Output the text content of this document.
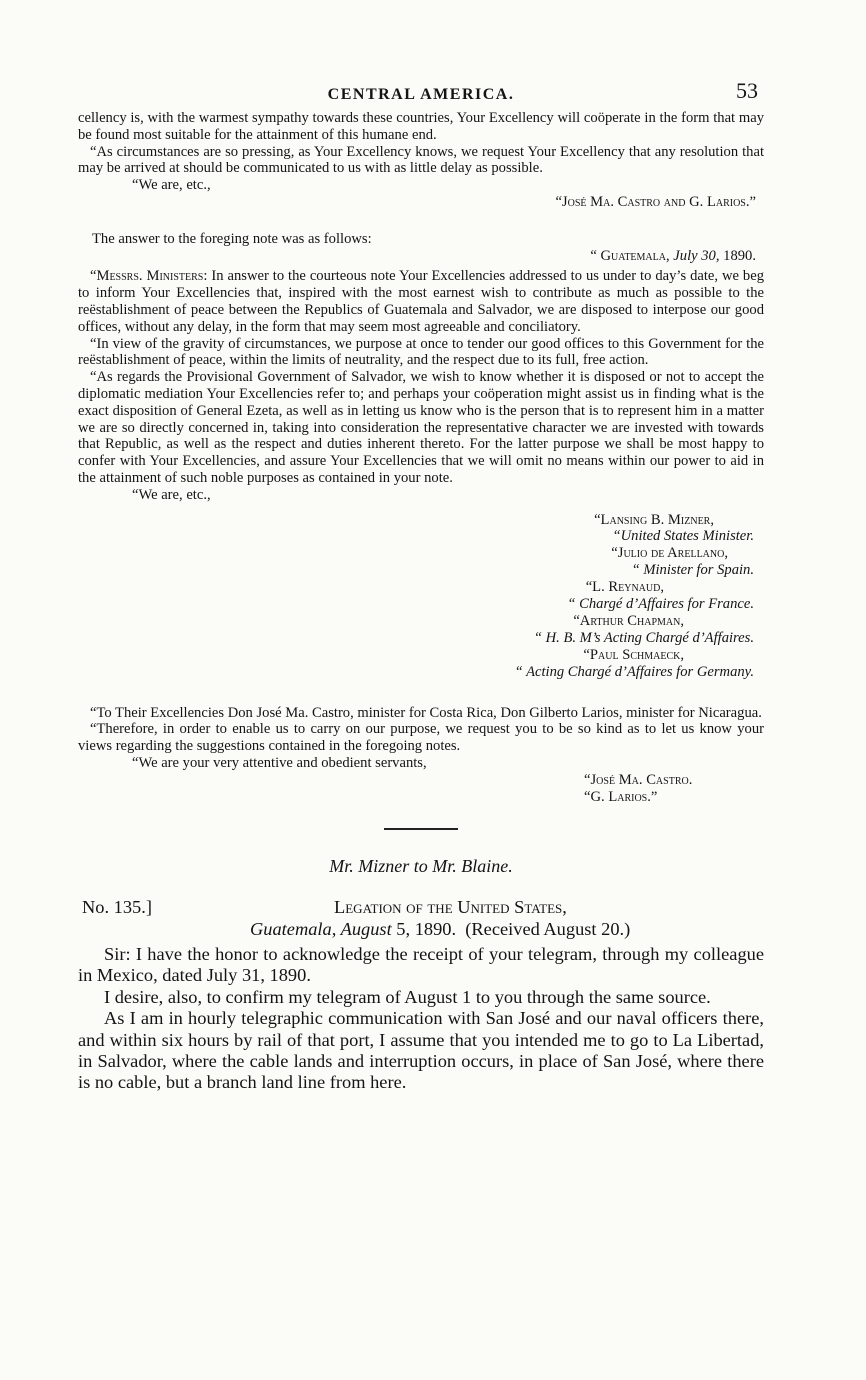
CENTRAL AMERICA.	53

cellency is, with the warmest sympathy towards these countries, Your Excellency will coöperate in the form that may be found most suitable for the attainment of this humane end.

“As circumstances are so pressing, as Your Excellency knows, we request Your Excellency that any resolution that may be arrived at should be communicated to us with as little delay as possible.

“We are, etc.,

“José Ma. Castro and G. Larios.”

The answer to the foreging note was as follows:

“ Guatemala, July 30, 1890.

“Messrs. Ministers: In answer to the courteous note Your Excellencies addressed to us under to day’s date, we beg to inform Your Excellencies that, inspired with the most earnest wish to contribute as much as possible to the reëstablishment of peace between the Republics of Guatemala and Salvador, we are disposed to interpose our good offices, without any delay, in the form that may seem most agreeable and conciliatory.

“In view of the gravity of circumstances, we purpose at once to tender our good offices to this Government for the reëstablishment of peace, within the limits of neutrality, and the respect due to its full, free action.

“As regards the Provisional Government of Salvador, we wish to know whether it is disposed or not to accept the diplomatic mediation Your Excellencies refer to; and perhaps your coöperation might assist us in finding what is the exact disposition of General Ezeta, as well as in letting us know who is the person that is to represent him in a matter we are so directly concerned in, taking into consideration the representative character we are invested with towards that Republic, as well as the respect and duties inherent thereto. For the latter purpose we shall be most happy to confer with Your Excellencies, and assure Your Excellencies that we will omit no means within our power to aid in the attainment of such noble purposes as contained in your note.

“We are, etc.,

“Lansing B. Mizner,
“United States Minister.
“Julio de Arellano,
“ Minister for Spain.
“L. Reynaud,
“ Chargé d’Affaires for France.
“Arthur Chapman,
“ H. B. M’s Acting Chargé d’Affaires.
“Paul Schmaeck,
“ Acting Chargé d’Affaires for Germany.

“To Their Excellencies Don José Ma. Castro, minister for Costa Rica, Don Gilberto Larios, minister for Nicaragua.

“Therefore, in order to enable us to carry on our purpose, we request you to be so kind as to let us know your views regarding the suggestions contained in the foregoing notes.

“We are your very attentive and obedient servants,

“José Ma. Castro.
“G. Larios.”
Mr. Mizner to Mr. Blaine.
No. 135.]	Legation of the United States,
Guatemala, August 5, 1890. (Received August 20.)

Sir: I have the honor to acknowledge the receipt of your telegram, through my colleague in Mexico, dated July 31, 1890.

I desire, also, to confirm my telegram of August 1 to you through the same source.

As I am in hourly telegraphic communication with San José and our naval officers there, and within six hours by rail of that port, I assume that you intended me to go to La Libertad, in Salvador, where the cable lands and interruption occurs, in place of San José, where there is no cable, but a branch land line from here.
